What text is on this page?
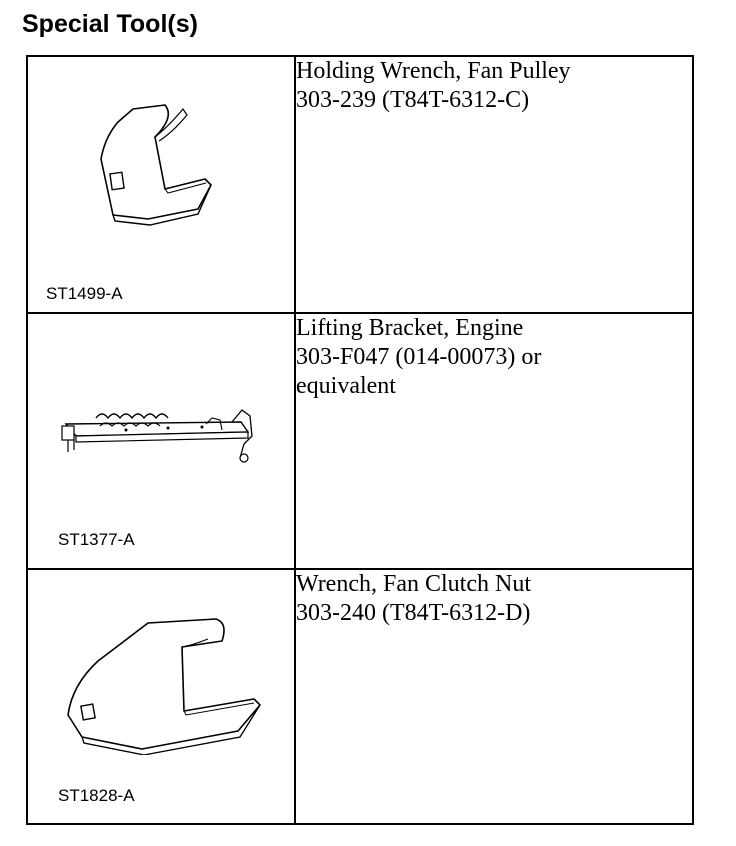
Special Tool(s)
ST1499-A	Holding Wrench, Fan Pulley
303-239 (T84T-6312-C)

ST1377-A	Lifting Bracket, Engine
303-F047 (014-00073) or
equivalent

ST1828-A	Wrench, Fan Clutch Nut
303-240 (T84T-6312-D)
